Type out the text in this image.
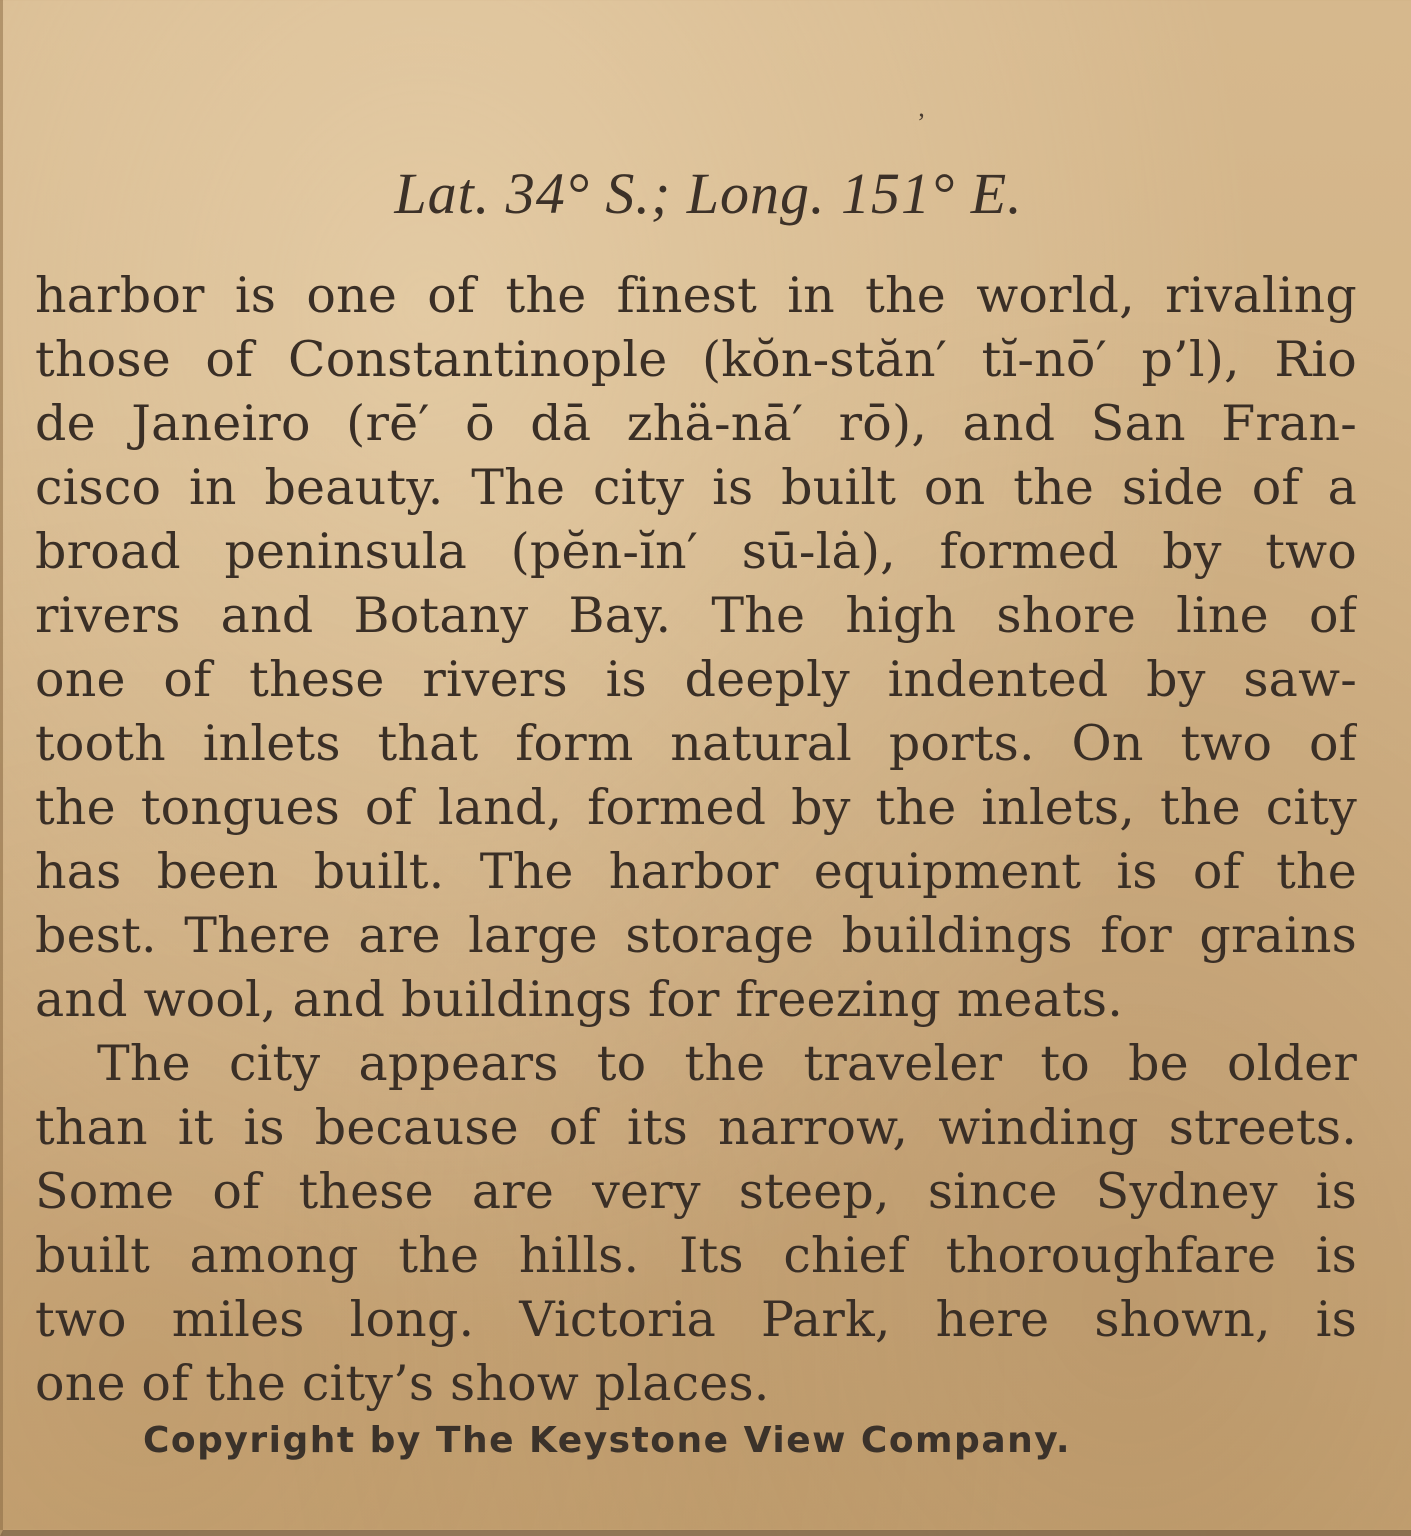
’
Lat. 34° S.; Long. 151° E.
harbor is one of the finest in the world, rivaling
those of Constantinople (kŏn-stăn′ tĭ-nō′ p’l), Rio
de Janeiro (rē′ ō dā zhä-nā′ rō), and San Fran-
cisco in beauty. The city is built on the side of a
broad peninsula (pĕn-ĭn′ sū-lȧ), formed by two
rivers and Botany Bay. The high shore line of
one of these rivers is deeply indented by saw-
tooth inlets that form natural ports. On two of
the tongues of land, formed by the inlets, the city
has been built. The harbor equipment is of the
best. There are large storage buildings for grains
and wool, and buildings for freezing meats.
The city appears to the traveler to be older
than it is because of its narrow, winding streets.
Some of these are very steep, since Sydney is
built among the hills. Its chief thoroughfare is
two miles long. Victoria Park, here shown, is
one of the city’s show places.
Copyright by The Keystone View Company.
